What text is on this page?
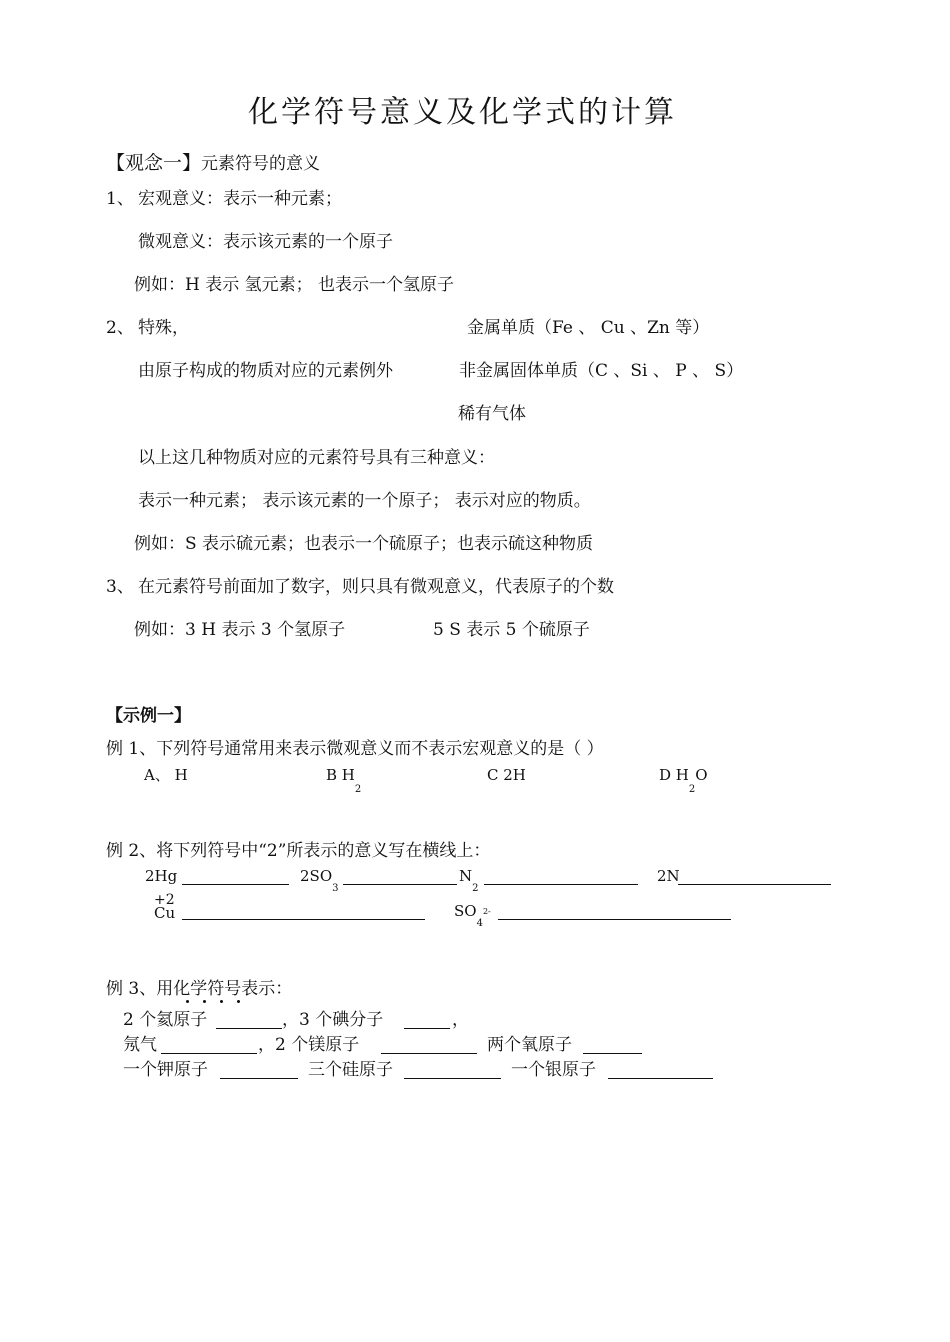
化学符号意义及化学式的计算
【观念一】元素符号的意义
1、 宏观意义：表示一种元素；
微观意义：表示该元素的一个原子
例如：H 表示 氢元素； 也表示一个氢原子
2、 特殊，	金属单质（Fe 、 Cu 、Zn 等）
由原子构成的物质对应的元素例外	非金属固体单质（C 、Si 、 P 、 S）
稀有气体
以上这几种物质对应的元素符号具有三种意义：
表示一种元素； 表示该元素的一个原子； 表示对应的物质。
例如：S 表示硫元素；也表示一个硫原子；也表示硫这种物质
3、 在元素符号前面加了数字，则只具有微观意义，代表原子的个数
例如：3 H 表示 3 个氢原子	5 S 表示 5 个硫原子
【示例一】
例 1、下列符号通常用来表示微观意义而不表示宏观意义的是（ ）
A、 H	B $H_2$
C 2H	D $H_2O$
例 2、将下列符号中“2”所表示的意义写在横线上：
2Hg	$2SO_3$
$N_2$
2N
+2
Cu	$SO_42-$
例 3、用化学符号表示：
2 个氦原子	，3 个碘分子	，
氖气	，2 个镁原子	两个氧原子
一个钾原子	三个硅原子	一个银原子
